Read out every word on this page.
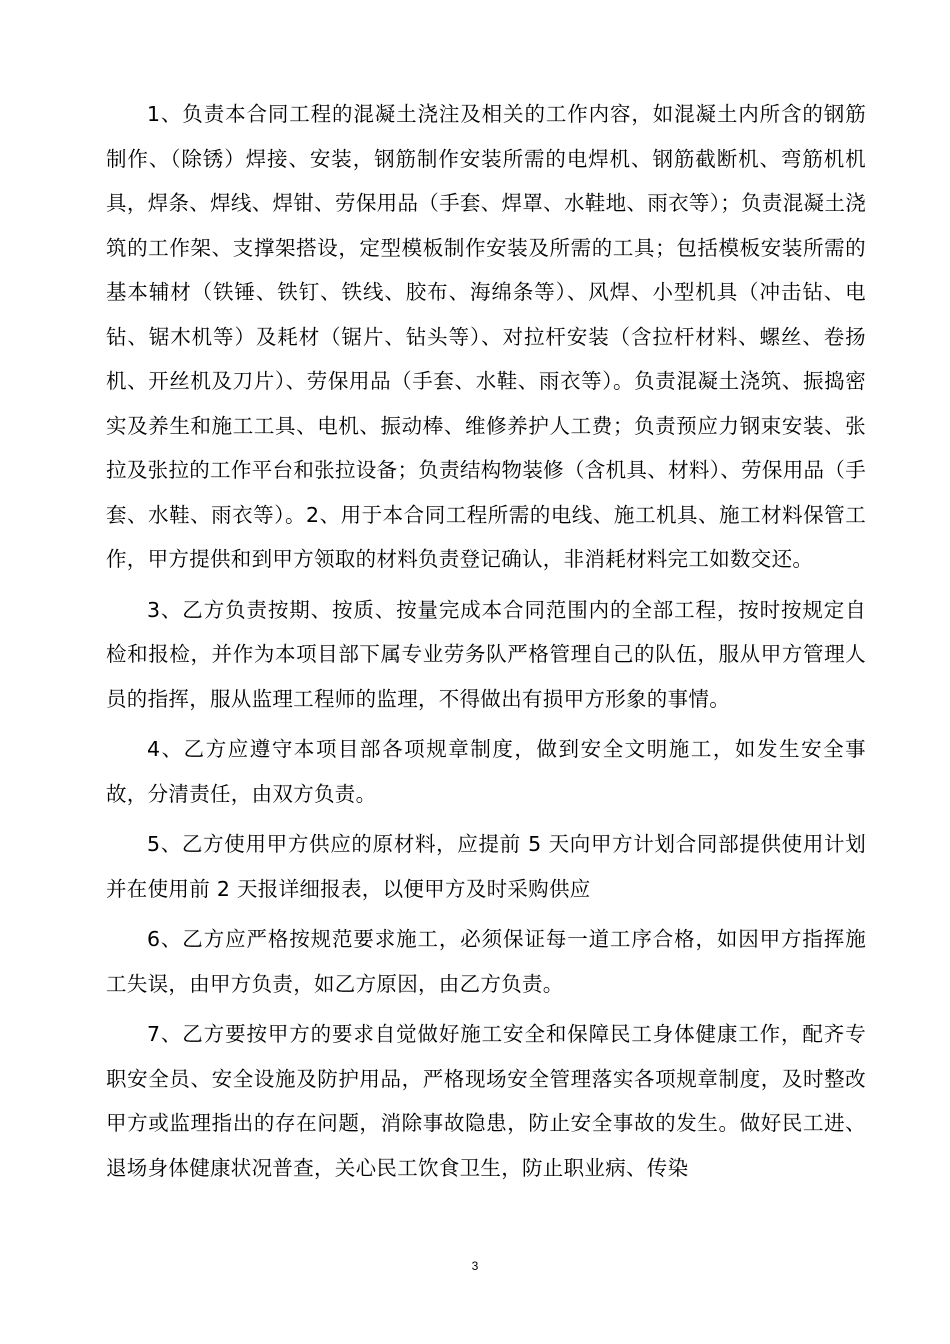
1、负责本合同工程的混凝土浇注及相关的工作内容，如混凝土内所含的钢筋制作、（除锈）焊接、安装，钢筋制作安装所需的电焊机、钢筋截断机、弯筋机机具，焊条、焊线、焊钳、劳保用品（手套、焊罩、水鞋地、雨衣等）；负责混凝土浇筑的工作架、支撑架搭设，定型模板制作安装及所需的工具；包括模板安装所需的基本辅材（铁锤、铁钉、铁线、胶布、海绵条等）、风焊、小型机具（冲击钻、电钻、锯木机等）及耗材（锯片、钻头等）、对拉杆安装（含拉杆材料、螺丝、卷扬机、开丝机及刀片）、劳保用品（手套、水鞋、雨衣等）。负责混凝土浇筑、振捣密实及养生和施工工具、电机、振动棒、维修养护人工费；负责预应力钢束安装、张拉及张拉的工作平台和张拉设备；负责结构物装修（含机具、材料）、劳保用品（手套、水鞋、雨衣等）。2、用于本合同工程所需的电线、施工机具、施工材料保管工作，甲方提供和到甲方领取的材料负责登记确认，非消耗材料完工如数交还。

3、乙方负责按期、按质、按量完成本合同范围内的全部工程，按时按规定自检和报检，并作为本项目部下属专业劳务队严格管理自己的队伍，服从甲方管理人员的指挥，服从监理工程师的监理，不得做出有损甲方形象的事情。

4、乙方应遵守本项目部各项规章制度，做到安全文明施工，如发生安全事故，分清责任，由双方负责。

5、乙方使用甲方供应的原材料，应提前 5 天向甲方计划合同部提供使用计划并在使用前 2 天报详细报表，以便甲方及时采购供应

6、乙方应严格按规范要求施工，必须保证每一道工序合格，如因甲方指挥施工失误，由甲方负责，如乙方原因，由乙方负责。

7、乙方要按甲方的要求自觉做好施工安全和保障民工身体健康工作，配齐专职安全员、安全设施及防护用品，严格现场安全管理落实各项规章制度，及时整改甲方或监理指出的存在问题，消除事故隐患，防止安全事故的发生。做好民工进、退场身体健康状况普查，关心民工饮食卫生，防止职业病、传染

3
